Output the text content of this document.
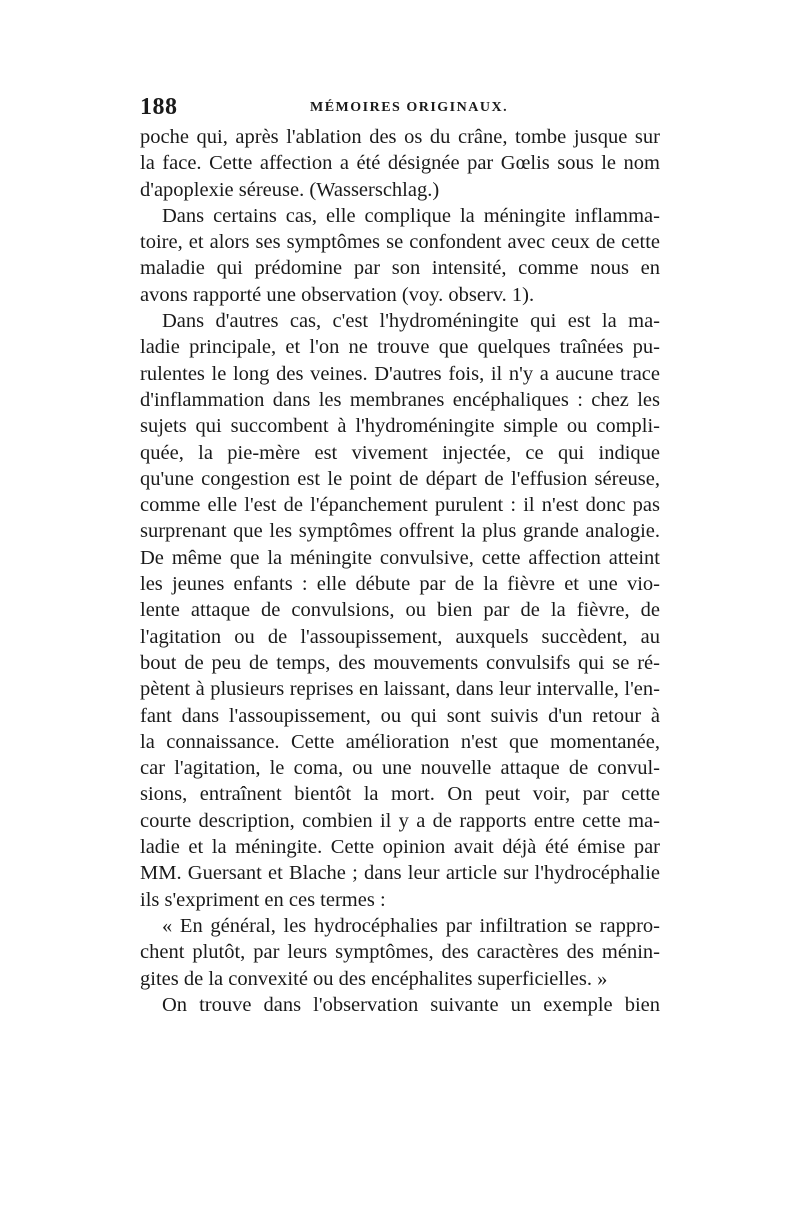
188	MÉMOIRES ORIGINAUX.
poche qui, après l'ablation des os du crâne, tombe jusque sur
la face. Cette affection a été désignée par Gœlis sous le nom
d'apoplexie séreuse. (Wasserschlag.)
Dans certains cas, elle complique la méningite inflamma-
toire, et alors ses symptômes se confondent avec ceux de cette
maladie qui prédomine par son intensité, comme nous en
avons rapporté une observation (voy. observ. 1).
Dans d'autres cas, c'est l'hydroméningite qui est la ma-
ladie principale, et l'on ne trouve que quelques traînées pu-
rulentes le long des veines. D'autres fois, il n'y a aucune trace
d'inflammation dans les membranes encéphaliques : chez les
sujets qui succombent à l'hydroméningite simple ou compli-
quée, la pie-mère est vivement injectée, ce qui indique
qu'une congestion est le point de départ de l'effusion séreuse,
comme elle l'est de l'épanchement purulent : il n'est donc pas
surprenant que les symptômes offrent la plus grande analogie.
De même que la méningite convulsive, cette affection atteint
les jeunes enfants : elle débute par de la fièvre et une vio-
lente attaque de convulsions, ou bien par de la fièvre, de
l'agitation ou de l'assoupissement, auxquels succèdent, au
bout de peu de temps, des mouvements convulsifs qui se ré-
pètent à plusieurs reprises en laissant, dans leur intervalle, l'en-
fant dans l'assoupissement, ou qui sont suivis d'un retour à
la connaissance. Cette amélioration n'est que momentanée,
car l'agitation, le coma, ou une nouvelle attaque de convul-
sions, entraînent bientôt la mort. On peut voir, par cette
courte description, combien il y a de rapports entre cette ma-
ladie et la méningite. Cette opinion avait déjà été émise par
MM. Guersant et Blache ; dans leur article sur l'hydrocéphalie
ils s'expriment en ces termes :
« En général, les hydrocéphalies par infiltration se rappro-
chent plutôt, par leurs symptômes, des caractères des ménin-
gites de la convexité ou des encéphalites superficielles. »
On trouve dans l'observation suivante un exemple bien
